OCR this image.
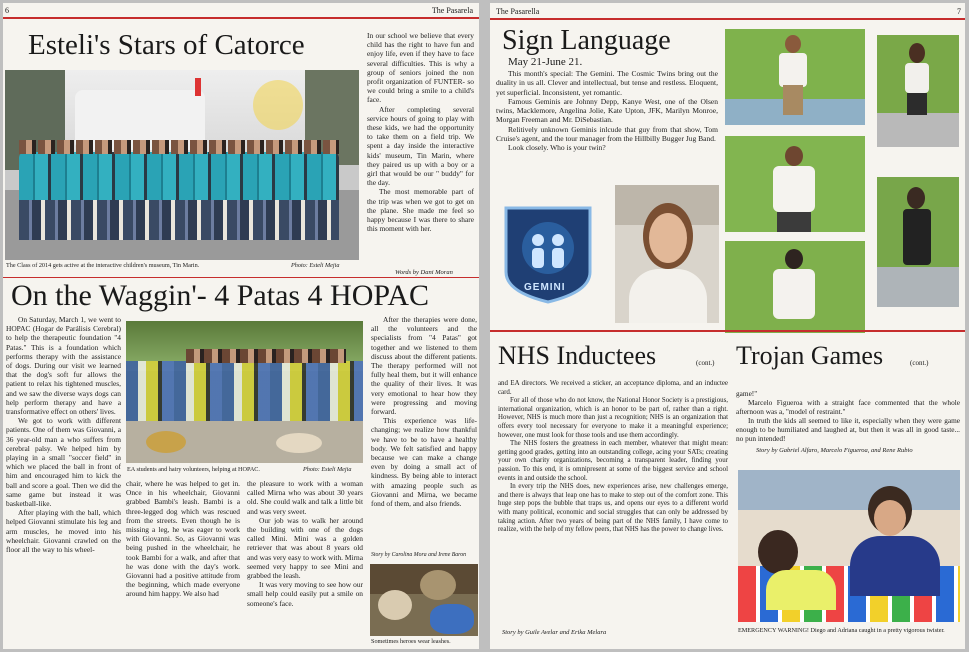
6	The Pasarela
Esteli's Stars of Catorce
The Class of 2014 gets active at the interactive children's museum, Tin Marin.	Photo: Esteli Mejia

In our school we believe that every child has the right to have fun and enjoy life, even if they have to face several difficulties. This is why a group of seniors joined the non profit organization of FUNTER- so we could bring a smile to a child's face.

After completing several service hours of going to play with these kids, we had the opportunity to take them on a field trip. We spent a day inside the interactive kids' museum, Tin Marin, where they paired us up with a boy or a girl that would be our " buddy" for the day.

The most memorable part of the trip was when we got to get on the plane. She made me feel so happy because I was there to share this moment with her.

Words by Dani Moran
On the Waggin'- 4 Patas 4 HOPAC

On Saturday, March 1, we went to HOPAC (Hogar de Parálisis Cerebral) to help the therapeutic foundation "4 Patas." This is a foundation which performs therapy with the assistance of dogs. During our visit we learned that the dog's soft fur allows the patient to relax his tightened muscles, and we saw the diverse ways dogs can help perform therapy and have a transformative effect on others' lives.

We got to work with different patients. One of them was Giovanni, a 36 year-old man a who suffers from cerebral palsy. We helped him by playing in a small "soccer field" in which we placed the ball in front of him and encouraged him to kick the ball and score a goal. Then we did the same game but instead it was basketball-like.

After playing with the ball, which helped Giovanni stimulate his leg and arm muscles, he moved into his wheelchair. Giovanni crawled on the floor all the way to his wheel-

EA students and hairy volunteers, helping at HOPAC.	Photo: Esteli Mejia

chair, where he was helped to get in. Once in his wheelchair, Giovanni grabbed Bambi's leash. Bambi is a three-legged dog which was rescued from the streets. Even though he is missing a leg, he was eager to work with Giovanni. So, as Giovanni was being pushed in the wheelchair, he took Bambi for a walk, and after that he was done with the day's work. Giovanni had a positive attitude from the beginning, which made everyone around him happy. We also had

the pleasure to work with a woman called Mirna who was about 30 years old. She could walk and talk a little bit and was very sweet.

Our job was to walk her around the building with one of the dogs called Mini. Mini was a golden retriever that was about 8 years old and was very easy to work with. Mirna seemed very happy to see Mini and grabbed the leash.

It was very moving to see how our small help could easily put a smile on someone's face.

After the therapies were done, all the volunteers and the specialists from "4 Patas" got together and we listened to them discuss about the different patients. The therapy performed will not fully heal them, but it will enhance the quality of their lives. It was very emotional to hear how they were progressing and moving forward.

This experience was life-changing; we realize how thankful we have to be to have a healthy body. We felt satisfied and happy because we can make a change even by doing a small act of kindness. By being able to interact with amazing people such as Giovanni and Mirna, we became fond of them, and also friends.

Story by Carolina Mora and Irene Baron
Sometimes heroes wear leashes.
The Pasarella	7
Sign Language
May 21-June 21.

This month's special: The Gemini. The Cosmic Twins bring out the duality in us all. Clever and intellectual, but tense and restless. Eloquent, yet superficial. Inconsistent, yet romantic.

Famous Geminis are Johnny Depp, Kanye West, one of the Olsen twins, Macklemore, Angelina Jolie, Kate Upton, JFK, Marilyn Monroe, Morgan Freeman and Mr. DiSebastian.

Relitively unknown Geminis inlcude that guy from that show, Tom Cruise's agent, and the tour manager from the Hillbilly Bugger Jug Band.

Look closely. Who is your twin?

GEMINI
NHS Inductees	(cont.)

and EA directors. We received a sticker, an acceptance diploma, and an inductee card.

For all of those who do not know, the National Honor Society is a prestigious, international organization, which is an honor to be part of, rather than a right. However, NHS is much more than just a recognition; NHS is an organization that offers every tool necessary for everyone to make it a meaningful experience; however, one must look for those tools and use them accordingly.

The NHS fosters the greatness in each member, whatever that might mean: getting good grades, getting into an outstanding college, acing your SATs; creating your own charity organizations, becoming a transparent leader, finding your passion. To this end, it is omnipresent at some of the biggest service and school events in and outside the school.

In every trip the NHS does, new experiences arise, new challenges emerge, and there is always that leap one has to make to step out of the comfort zone. This huge step pops the bubble that traps us, and opens our eyes to a different world with many political, economic and social struggles that can only be addressed by taking action. After two years of being part of the NHS family, I have come to realize, with the help of my fellow peers, that NHS has the power to change lives.

Story by Guile Avelar and Erika Melara
Trojan Games	(cont.)

game!"

Marcelo Figueroa with a straight face commented that the whole afternoon was a, "model of restraint."

In truth the kids all seemed to like it, especially when they were game enough to be humiliated and laughed at, but then it was all in good taste... no pun intended!

Story by Gabriel Alfaro, Marcelo Figueroa, and Rene Rubio
EMERGENCY WARNING! Diego and Adriana caught in a pretty vigorous twister.
